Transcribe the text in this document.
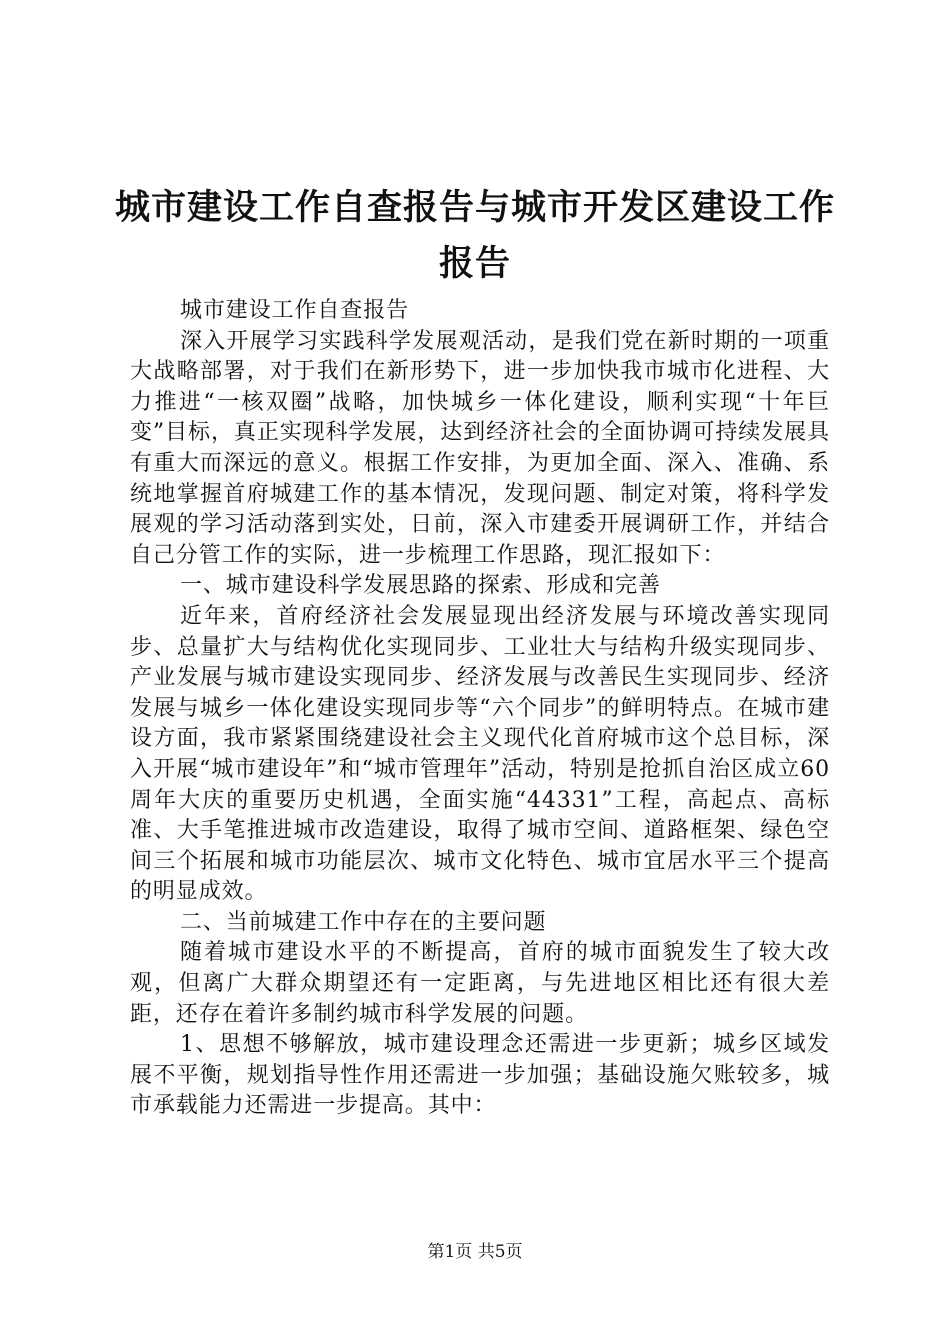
城市建设工作自查报告与城市开发区建设工作报告

城市建设工作自查报告

深入开展学习实践科学发展观活动，是我们党在新时期的一项重大战略部署，对于我们在新形势下，进一步加快我市城市化进程、大力推进“一核双圈”战略，加快城乡一体化建设，顺利实现“十年巨变”目标，真正实现科学发展，达到经济社会的全面协调可持续发展具有重大而深远的意义。根据工作安排，为更加全面、深入、准确、系统地掌握首府城建工作的基本情况，发现问题、制定对策，将科学发展观的学习活动落到实处，日前，深入市建委开展调研工作，并结合自己分管工作的实际，进一步梳理工作思路，现汇报如下：

一、城市建设科学发展思路的探索、形成和完善

近年来，首府经济社会发展显现出经济发展与环境改善实现同步、总量扩大与结构优化实现同步、工业壮大与结构升级实现同步、产业发展与城市建设实现同步、经济发展与改善民生实现同步、经济发展与城乡一体化建设实现同步等“六个同步”的鲜明特点。在城市建设方面，我市紧紧围绕建设社会主义现代化首府城市这个总目标，深入开展“城市建设年”和“城市管理年”活动，特别是抢抓自治区成立60周年大庆的重要历史机遇，全面实施“44331”工程，高起点、高标准、大手笔推进城市改造建设，取得了城市空间、道路框架、绿色空间三个拓展和城市功能层次、城市文化特色、城市宜居水平三个提高的明显成效。

二、当前城建工作中存在的主要问题

随着城市建设水平的不断提高，首府的城市面貌发生了较大改观，但离广大群众期望还有一定距离，与先进地区相比还有很大差距，还存在着许多制约城市科学发展的问题。

1、思想不够解放，城市建设理念还需进一步更新；城乡区域发展不平衡，规划指导性作用还需进一步加强；基础设施欠账较多，城市承载能力还需进一步提高。其中：

第1页 共5页
